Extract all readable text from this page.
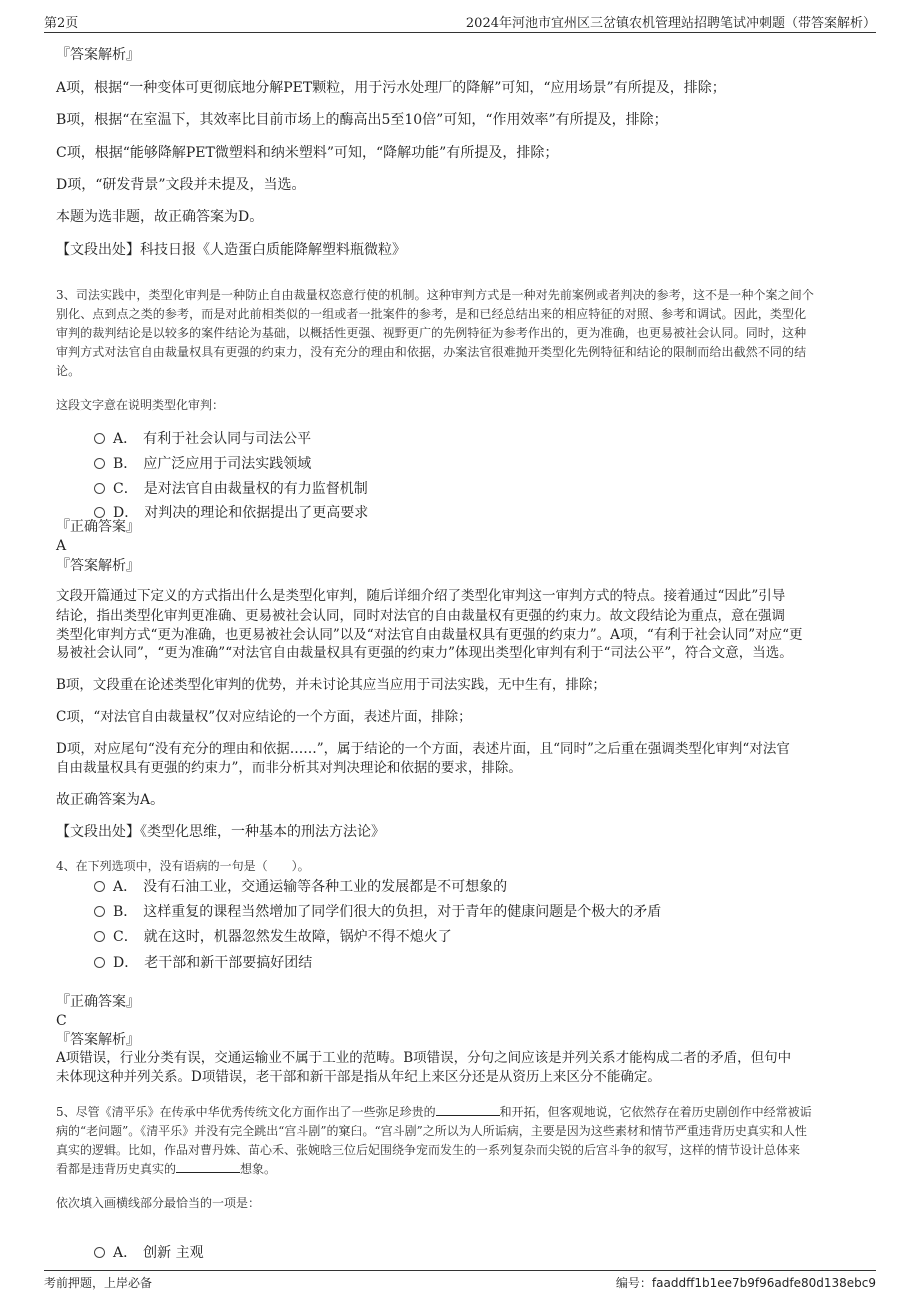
第2页	2024年河池市宜州区三岔镇农机管理站招聘笔试冲刺题（带答案解析）
『答案解析』
A项，根据“一种变体可更彻底地分解PET颗粒，用于污水处理厂的降解”可知，“应用场景”有所提及，排除；
B项，根据“在室温下，其效率比目前市场上的酶高出5至10倍”可知，“作用效率”有所提及，排除；
C项，根据“能够降解PET微塑料和纳米塑料”可知，“降解功能”有所提及，排除；
D项，“研发背景”文段并未提及，当选。
本题为选非题，故正确答案为D。
【文段出处】科技日报《人造蛋白质能降解塑料瓶微粒》
3、司法实践中，类型化审判是一种防止自由裁量权恣意行使的机制。这种审判方式是一种对先前案例或者判决的参考，这不是一种个案之间个
别化、点到点之类的参考，而是对此前相类似的一组或者一批案件的参考，是和已经总结出来的相应特征的对照、参考和调试。因此，类型化
审判的裁判结论是以较多的案件结论为基础，以概括性更强、视野更广的先例特征为参考作出的，更为准确，也更易被社会认同。同时，这种
审判方式对法官自由裁量权具有更强的约束力，没有充分的理由和依据，办案法官很难抛开类型化先例特征和结论的限制而给出截然不同的结
论。
这段文字意在说明类型化审判：
A． 有利于社会认同与司法公平
B． 应广泛应用于司法实践领域
C． 是对法官自由裁量权的有力监督机制
D． 对判决的理论和依据提出了更高要求
『正确答案』
A
『答案解析』
文段开篇通过下定义的方式指出什么是类型化审判，随后详细介绍了类型化审判这一审判方式的特点。接着通过“因此”引导
结论，指出类型化审判更准确、更易被社会认同，同时对法官的自由裁量权有更强的约束力。故文段结论为重点，意在强调
类型化审判方式“更为准确，也更易被社会认同”以及“对法官自由裁量权具有更强的约束力”。A项，“有利于社会认同”对应“更
易被社会认同”，“更为准确”“对法官自由裁量权具有更强的约束力”体现出类型化审判有利于“司法公平”，符合文意，当选。
B项，文段重在论述类型化审判的优势，并未讨论其应当应用于司法实践，无中生有，排除；
C项，“对法官自由裁量权”仅对应结论的一个方面，表述片面，排除；
D项，对应尾句“没有充分的理由和依据……”，属于结论的一个方面，表述片面，且“同时”之后重在强调类型化审判“对法官
自由裁量权具有更强的约束力”，而非分析其对判决理论和依据的要求，排除。
故正确答案为A。
【文段出处】《类型化思维，一种基本的刑法方法论》
4、在下列选项中，没有语病的一句是（　　）。
A． 没有石油工业，交通运输等各种工业的发展都是不可想象的
B． 这样重复的课程当然增加了同学们很大的负担，对于青年的健康问题是个极大的矛盾
C． 就在这时，机器忽然发生故障，锅炉不得不熄火了
D． 老干部和新干部要搞好团结
『正确答案』
C
『答案解析』
A项错误，行业分类有误，交通运输业不属于工业的范畴。B项错误，分句之间应该是并列关系才能构成二者的矛盾，但句中
未体现这种并列关系。D项错误，老干部和新干部是指从年纪上来区分还是从资历上来区分不能确定。
5、尽管《清平乐》在传承中华优秀传统文化方面作出了一些弥足珍贵的	和开拓，但客观地说，它依然存在着历史剧创作中经常被诟
病的“老问题”。《清平乐》并没有完全跳出“宫斗剧”的窠臼。“宫斗剧”之所以为人所诟病，主要是因为这些素材和情节严重违背历史真实和人性
真实的逻辑。比如，作品对曹丹姝、苗心禾、张婉晗三位后妃围绕争宠而发生的一系列复杂而尖锐的后宫斗争的叙写，这样的情节设计总体来
看都是违背历史真实的	想象。
依次填入画横线部分最恰当的一项是：
A． 创新 主观
考前押题，上岸必备	编号：faaddff1b1ee7b9f96adfe80d138ebc9
